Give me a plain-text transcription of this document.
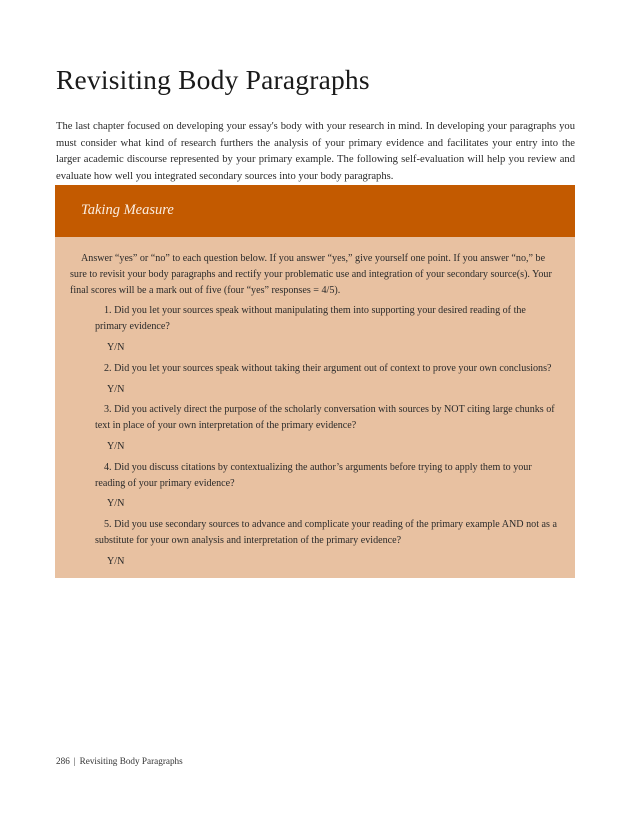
Revisiting Body Paragraphs

The last chapter focused on developing your essay's body with your research in mind. In developing your paragraphs you must consider what kind of research furthers the analysis of your primary evidence and facilitates your entry into the larger academic discourse represented by your primary example. The following self-evaluation will help you review and evaluate how well you integrated secondary sources into your body paragraphs.

Taking Measure

Answer “yes” or “no” to each question below. If you answer “yes,” give yourself one point. If you answer “no,” be sure to revisit your body paragraphs and rectify your problematic use and integration of your secondary source(s). Your final scores will be a mark out of five (four “yes” responses = 4/5).

1. Did you let your sources speak without manipulating them into supporting your desired reading of the primary evidence?

Y/N

2. Did you let your sources speak without taking their argument out of context to prove your own conclusions?

Y/N

3. Did you actively direct the purpose of the scholarly conversation with sources by NOT citing large chunks of text in place of your own interpretation of the primary evidence?

Y/N

4. Did you discuss citations by contextualizing the author’s arguments before trying to apply them to your reading of your primary evidence?

Y/N

5. Did you use secondary sources to advance and complicate your reading of the primary example AND not as a substitute for your own analysis and interpretation of the primary evidence?

Y/N

286 | Revisiting Body Paragraphs
